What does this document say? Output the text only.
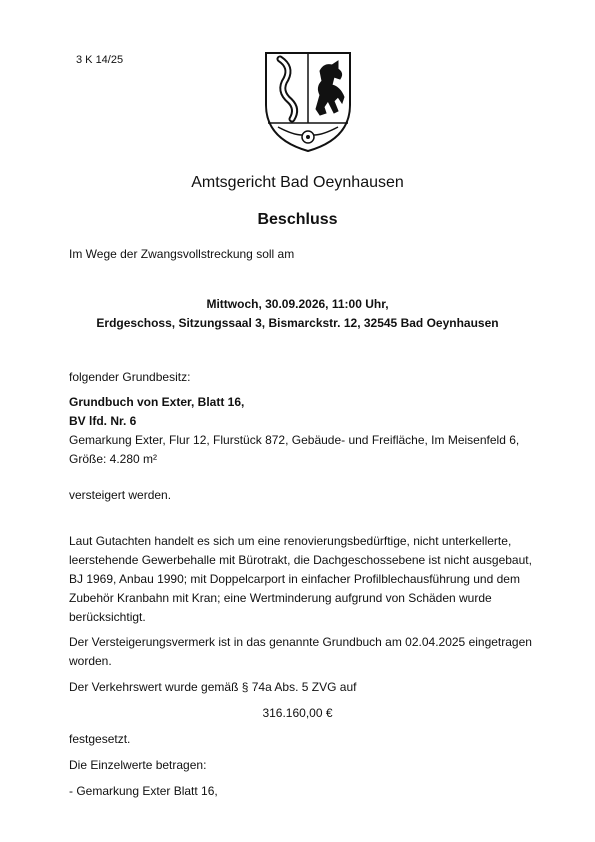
3 K 14/25
Amtsgericht Bad Oeynhausen
Beschluss
Im Wege der Zwangsvollstreckung soll am
Mittwoch, 30.09.2026, 11:00 Uhr,
Erdgeschoss, Sitzungssaal 3, Bismarckstr. 12, 32545 Bad Oeynhausen
folgender Grundbesitz:
Grundbuch von Exter, Blatt 16,
BV lfd. Nr. 6
Gemarkung Exter, Flur 12, Flurstück 872, Gebäude- und Freifläche, Im Meisenfeld 6, Größe: 4.280 m²
versteigert werden.
Laut Gutachten handelt es sich um eine renovierungsbedürftige, nicht unterkellerte, leerstehende Gewerbehalle mit Bürotrakt, die Dachgeschossebene ist nicht ausgebaut, BJ 1969, Anbau 1990; mit Doppelcarport in einfacher Profilblechausführung und dem Zubehör Kranbahn mit Kran; eine Wertminderung aufgrund von Schäden wurde berücksichtigt.
Der Versteigerungsvermerk ist in das genannte Grundbuch am 02.04.2025 eingetragen worden.
Der Verkehrswert wurde gemäß § 74a Abs. 5 ZVG auf
316.160,00 €
festgesetzt.
Die Einzelwerte betragen:
- Gemarkung Exter Blatt 16,
